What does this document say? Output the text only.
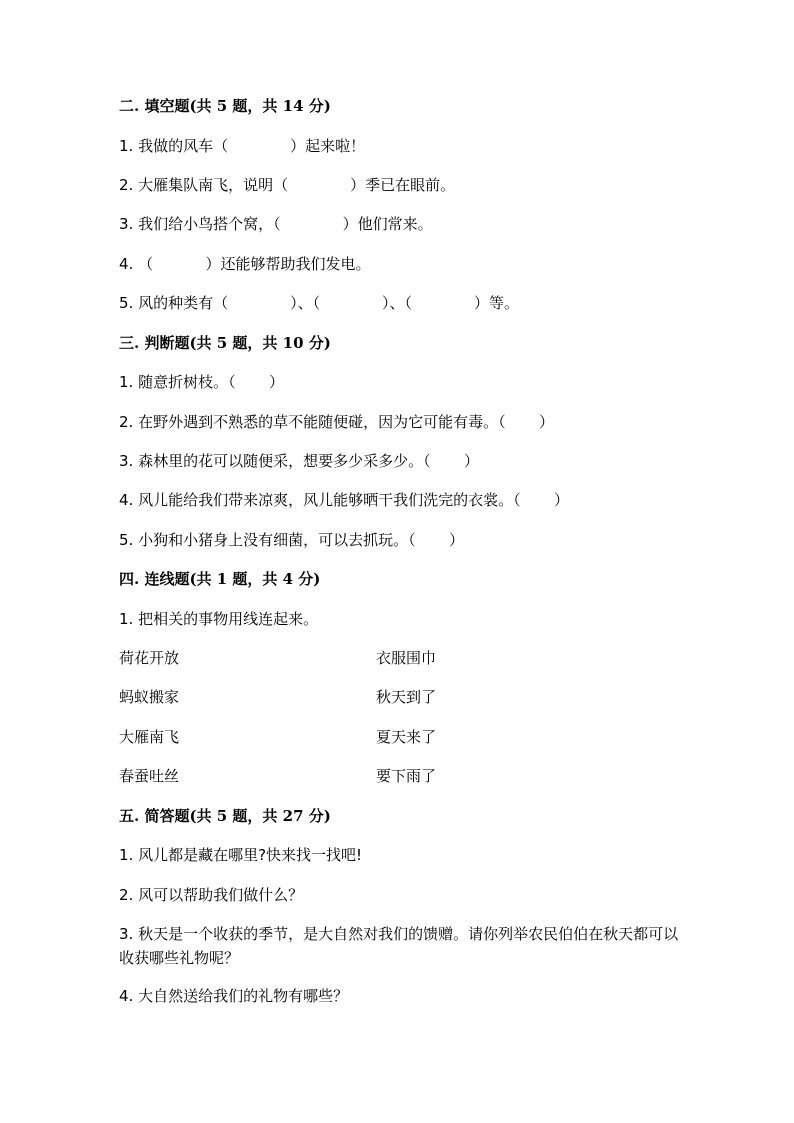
二. 填空题(共 5 题，共 14 分)
1. 我做的风车（             ）起来啦！
2. 大雁集队南飞，说明（             ）季已在眼前。
3. 我们给小鸟搭个窝，（             ）他们常来。
4. （           ）还能够帮助我们发电。
5. 风的种类有（             ）、（             ）、（             ）等。
三. 判断题(共 5 题，共 10 分)
1. 随意折树枝。（       ）
2. 在野外遇到不熟悉的草不能随便碰，因为它可能有毒。（       ）
3. 森林里的花可以随便采，想要多少采多少。（       ）
4. 风儿能给我们带来凉爽，风儿能够晒干我们洗完的衣裳。（       ）
5. 小狗和小猪身上没有细菌，可以去抓玩。（       ）
四. 连线题(共 1 题，共 4 分)
1. 把相关的事物用线连起来。
荷花开放	衣服围巾
蚂蚁搬家	秋天到了
大雁南飞	夏天来了
春蚕吐丝	要下雨了
五. 简答题(共 5 题，共 27 分)
1. 风儿都是藏在哪里?快来找一找吧!
2. 风可以帮助我们做什么？
3. 秋天是一个收获的季节，是大自然对我们的馈赠。请你列举农民伯伯在秋天都可以收获哪些礼物呢？
4. 大自然送给我们的礼物有哪些？
